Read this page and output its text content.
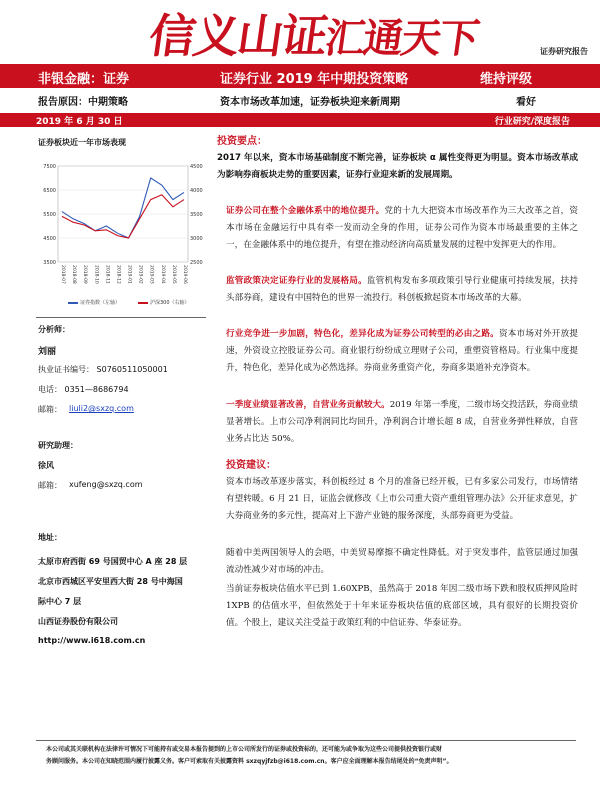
信义山证汇通天下	证券研究报告
非银金融：证券	证券行业 2019 年中期投资策略	维持评级
报告原因：中期策略	资本市场改革加速，证券板块迎来新周期	看好
2019 年 6 月 30 日	行业研究/深度报告
证券板块近一年市场表现
7500
6500
5500
4500
3500
4500
4000
3500
3000
2500
2018-07 2018-08 2018-09 2018-10 2018-11 2018-12 2019-01 2019-02 2019-03 2019-04 2019-05 2019-06
证券指数（左轴）	沪深300（右轴）
分析师：
刘丽
执业证书编号： S0760511050001
电话： 0351—8686794
邮箱： liuli2@sxzq.com
研究助理：
徐风
邮箱： xufeng@sxzq.com
地址：
太原市府西街 69 号国贸中心 A 座 28 层
北京市西城区平安里西大街 28 号中海国
际中心 7 层
山西证券股份有限公司
http://www.i618.com.cn
投资要点：
2017 年以来，资本市场基础制度不断完善，证券板块 α 属性变得更为明显。资本市场改革成为影响券商板块走势的重要因素，证券行业迎来新的发展周期。
证券公司在整个金融体系中的地位提升。党的十九大把资本市场改革作为三大改革之首，资本市场在金融运行中具有牵一发而动全身的作用，证券公司作为资本市场最重要的主体之一，在金融体系中的地位提升，有望在推动经济向高质量发展的过程中发挥更大的作用。
监管政策决定证券行业的发展格局。监管机构发布多项政策引导行业健康可持续发展，扶持头部券商，建设有中国特色的世界一流投行。科创板掀起资本市场改革的大幕。
行业竞争进一步加剧，特色化，差异化成为证券公司转型的必由之路。资本市场对外开放提速，外资设立控股证券公司。商业银行纷纷成立理财子公司，重塑资管格局。行业集中度提升，特色化，差异化成为必然选择。券商业务重资产化，券商多渠道补充净资本。
一季度业绩显著改善，自营业务贡献较大。2019 年第一季度，二级市场交投活跃，券商业绩显著增长。上市公司净利润同比均回升，净利润合计增长超 8 成，自营业务弹性释放，自营业务占比达 50%。
投资建议：
资本市场改革逐步落实，科创板经过 8 个月的准备已经开板，已有多家公司发行，市场情绪有望转暖。6 月 21 日，证监会就修改《上市公司重大资产重组管理办法》公开征求意见，扩大券商业务的多元性，提高对上下游产业链的服务深度，头部券商更为受益。
随着中美两国领导人的会晤，中美贸易摩擦不确定性降低。对于突发事件，监管层通过加强流动性减少对市场的冲击。
当前证券板块估值水平已到 1.60XPB，虽然高于 2018 年因二级市场下跌和股权质押风险时 1XPB 的估值水平，但依然处于十年来证券板块估值的底部区域，具有很好的长期投资价值。个股上，建议关注受益于政策红利的中信证券、华泰证券。
本公司或其关联机构在法律许可情况下可能持有或交易本报告提到的上市公司所发行的证券或投资标的，还可能为或争取为这些公司提供投资银行或财
务顾问服务。本公司在知晓范围内履行披露义务。客户可索取有关披露资料 sxzqyjfzb@i618.com.cn。客户应全面理解本报告结尾处的“免责声明”。
